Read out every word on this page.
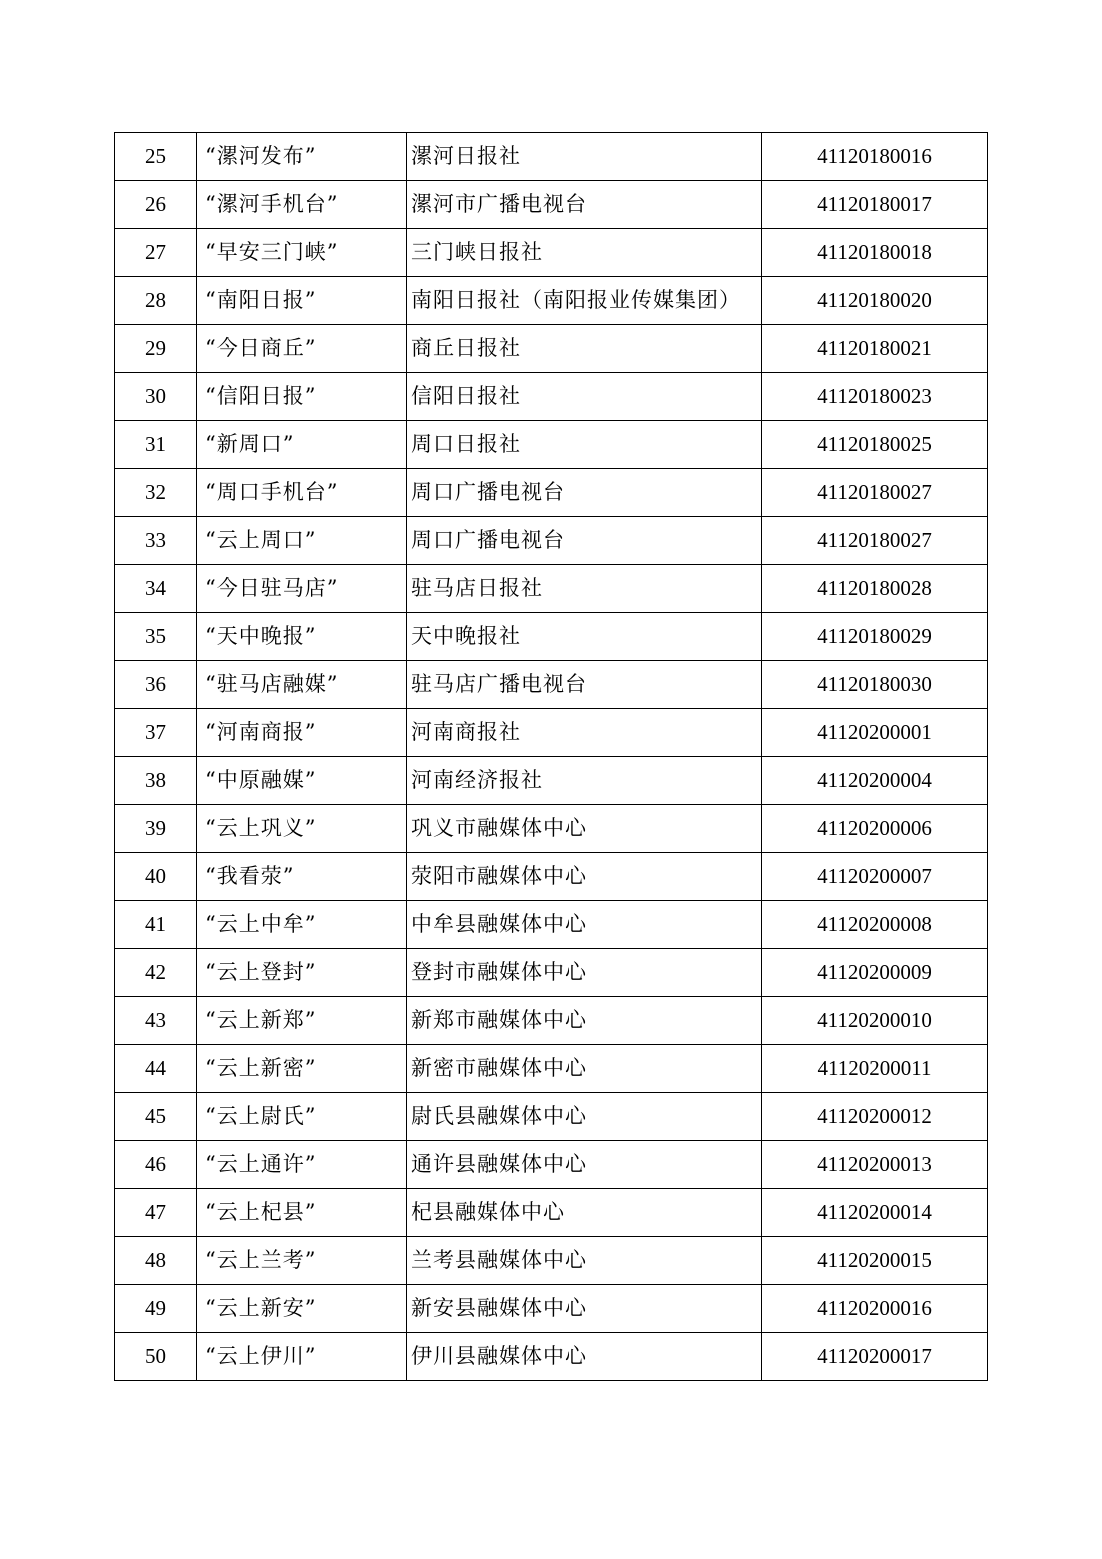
25	“漯河发布”	漯河日报社	41120180016
26	“漯河手机台”	漯河市广播电视台	41120180017
27	“早安三门峡”	三门峡日报社	41120180018
28	“南阳日报”	南阳日报社（南阳报业传媒集团）	41120180020
29	“今日商丘”	商丘日报社	41120180021
30	“信阳日报”	信阳日报社	41120180023
31	“新周口”	周口日报社	41120180025
32	“周口手机台”	周口广播电视台	41120180027
33	“云上周口”	周口广播电视台	41120180027
34	“今日驻马店”	驻马店日报社	41120180028
35	“天中晚报”	天中晚报社	41120180029
36	“驻马店融媒”	驻马店广播电视台	41120180030
37	“河南商报”	河南商报社	41120200001
38	“中原融媒”	河南经济报社	41120200004
39	“云上巩义”	巩义市融媒体中心	41120200006
40	“我看荥”	荥阳市融媒体中心	41120200007
41	“云上中牟”	中牟县融媒体中心	41120200008
42	“云上登封”	登封市融媒体中心	41120200009
43	“云上新郑”	新郑市融媒体中心	41120200010
44	“云上新密”	新密市融媒体中心	41120200011
45	“云上尉氏”	尉氏县融媒体中心	41120200012
46	“云上通许”	通许县融媒体中心	41120200013
47	“云上杞县”	杞县融媒体中心	41120200014
48	“云上兰考”	兰考县融媒体中心	41120200015
49	“云上新安”	新安县融媒体中心	41120200016
50	“云上伊川”	伊川县融媒体中心	41120200017
